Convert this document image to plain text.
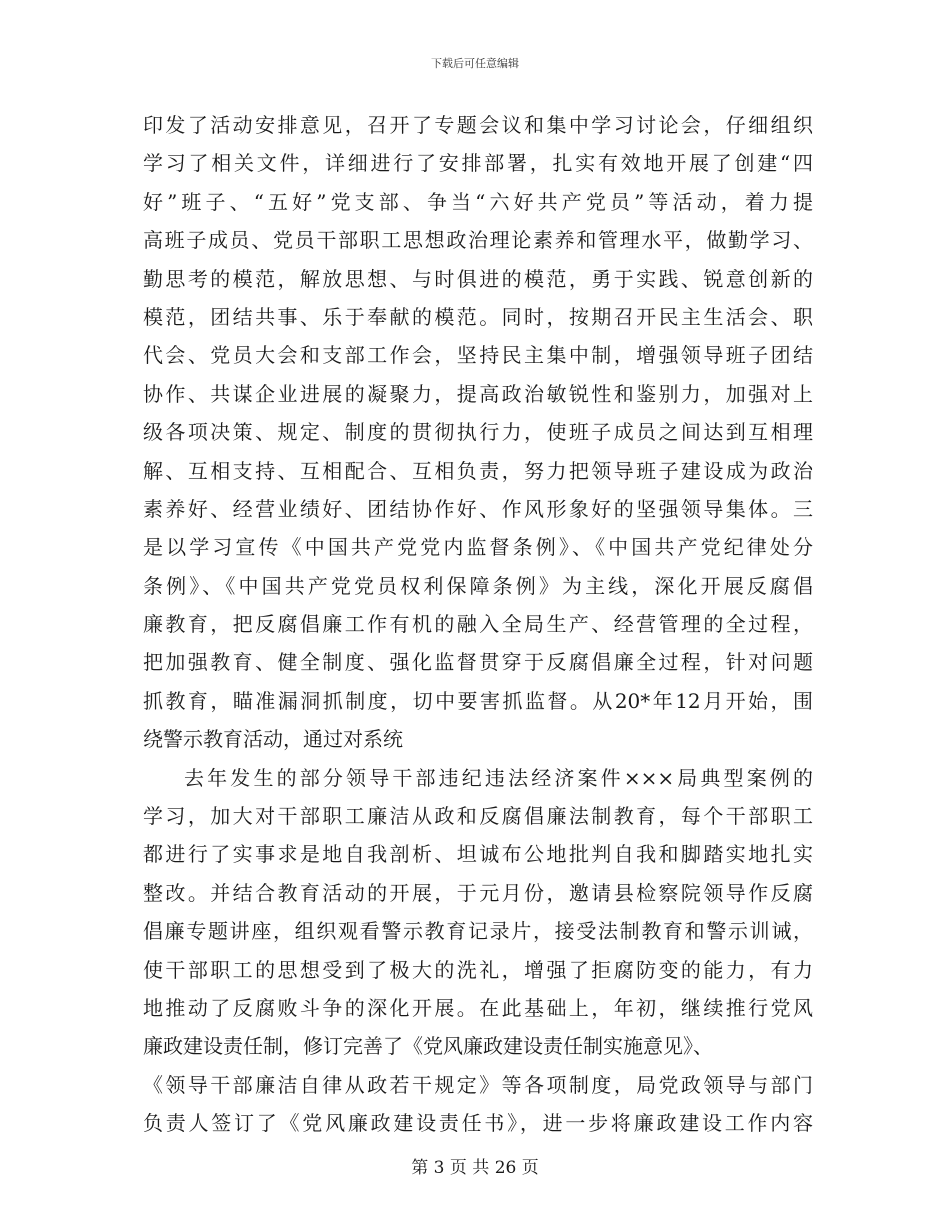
下载后可任意编辑
印发了活动安排意见，召开了专题会议和集中学习讨论会，仔细组织
学习了相关文件，详细进行了安排部署，扎实有效地开展了创建“四
好”班子、“五好”党支部、争当“六好共产党员”等活动，着力提
高班子成员、党员干部职工思想政治理论素养和管理水平，做勤学习、
勤思考的模范，解放思想、与时俱进的模范，勇于实践、锐意创新的
模范，团结共事、乐于奉献的模范。同时，按期召开民主生活会、职
代会、党员大会和支部工作会，坚持民主集中制，增强领导班子团结
协作、共谋企业进展的凝聚力，提高政治敏锐性和鉴别力，加强对上
级各项决策、规定、制度的贯彻执行力，使班子成员之间达到互相理
解、互相支持、互相配合、互相负责，努力把领导班子建设成为政治
素养好、经营业绩好、团结协作好、作风形象好的坚强领导集体。三
是以学习宣传《中国共产党党内监督条例》、《中国共产党纪律处分
条例》、《中国共产党党员权利保障条例》为主线，深化开展反腐倡
廉教育，把反腐倡廉工作有机的融入全局生产、经营管理的全过程，
把加强教育、健全制度、强化监督贯穿于反腐倡廉全过程，针对问题
抓教育，瞄准漏洞抓制度，切中要害抓监督。从20*年12月开始，围
绕警示教育活动，通过对系统
去年发生的部分领导干部违纪违法经济案件×××局典型案例的
学习，加大对干部职工廉洁从政和反腐倡廉法制教育，每个干部职工
都进行了实事求是地自我剖析、坦诚布公地批判自我和脚踏实地扎实
整改。并结合教育活动的开展，于元月份，邀请县检察院领导作反腐
倡廉专题讲座，组织观看警示教育记录片，接受法制教育和警示训诫，
使干部职工的思想受到了极大的洗礼，增强了拒腐防变的能力，有力
地推动了反腐败斗争的深化开展。在此基础上，年初，继续推行党风
廉政建设责任制，修订完善了《党风廉政建设责任制实施意见》、
《领导干部廉洁自律从政若干规定》等各项制度，局党政领导与部门
负责人签订了《党风廉政建设责任书》，进一步将廉政建设工作内容
第 3 页 共 26 页
